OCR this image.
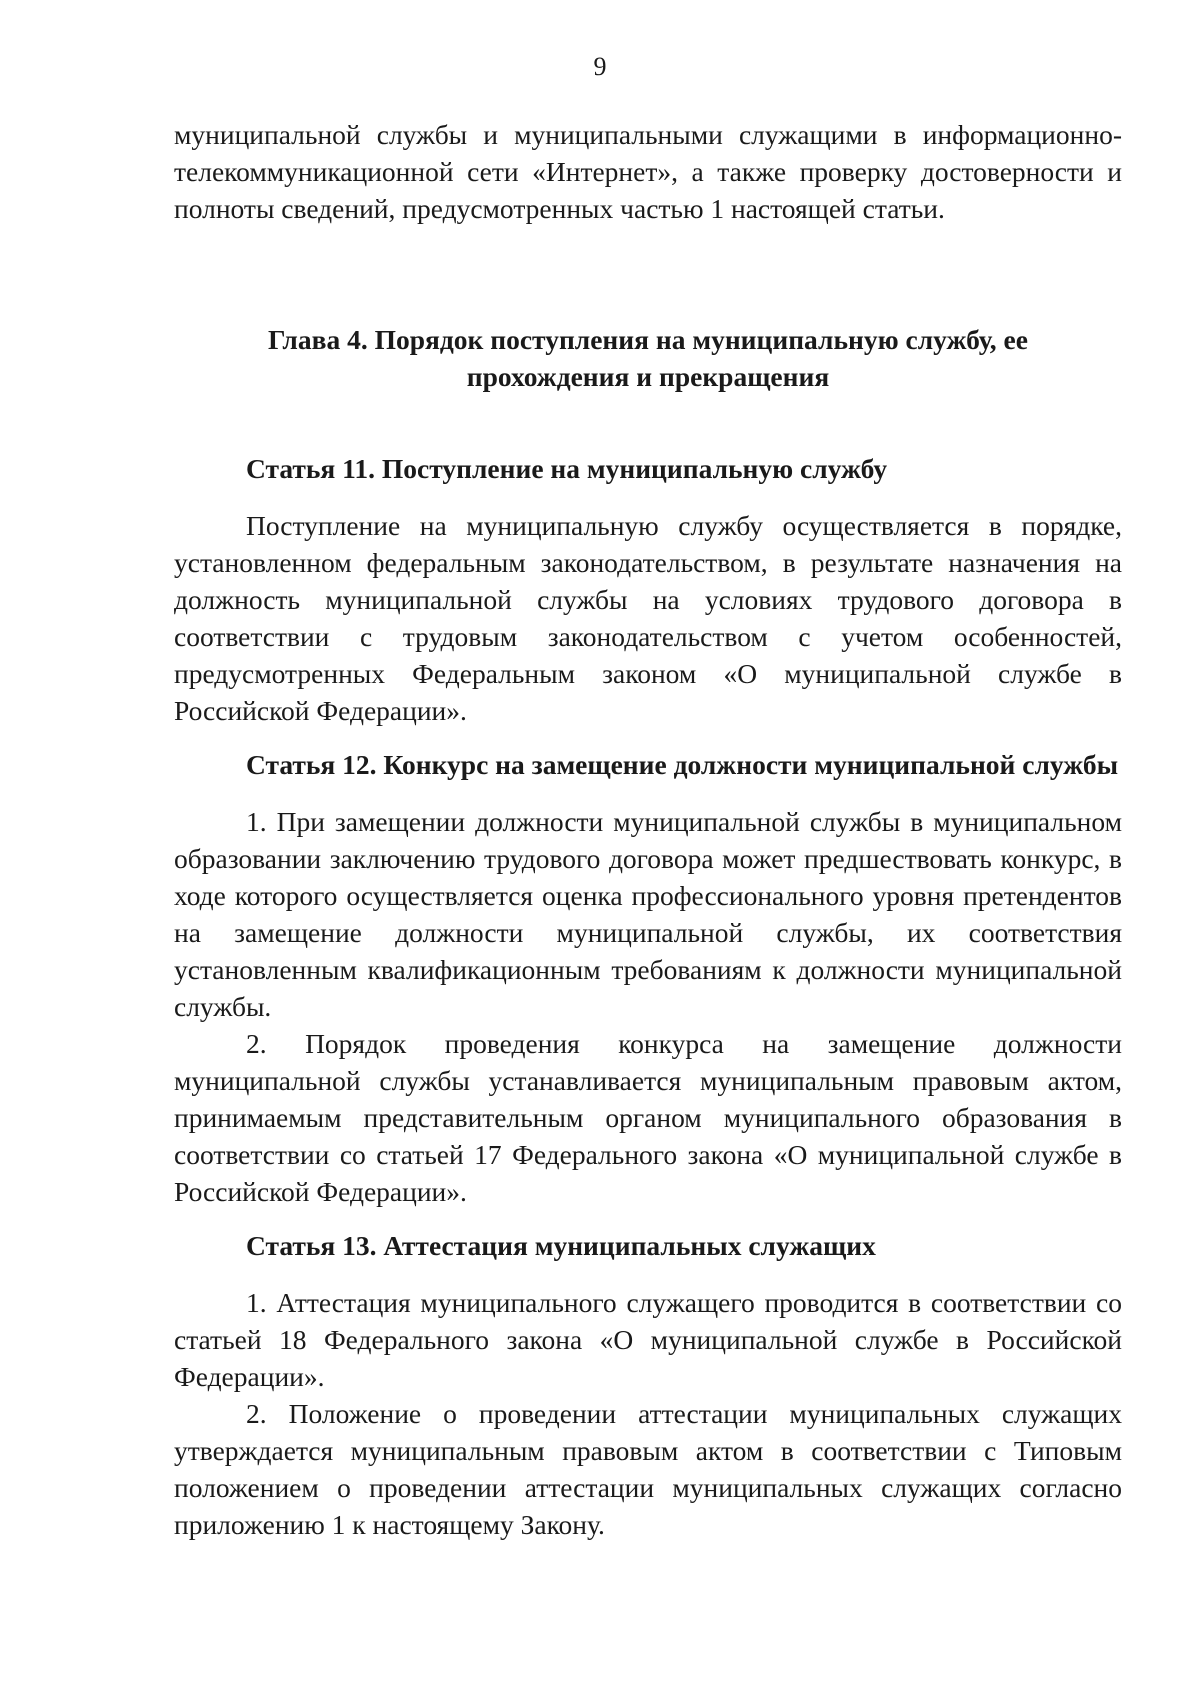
9

муниципальной службы и муниципальными служащими в информационно-телекоммуникационной сети «Интернет», а также проверку достоверности и полноты сведений, предусмотренных частью 1 настоящей статьи.

Глава 4. Порядок поступления на муниципальную службу, ее прохождения и прекращения

Статья 11. Поступление на муниципальную службу

Поступление на муниципальную службу осуществляется в порядке, установленном федеральным законодательством, в результате назначения на должность муниципальной службы на условиях трудового договора в соответствии с трудовым законодательством с учетом особенностей, предусмотренных Федеральным законом «О муниципальной службе в Российской Федерации».

Статья 12. Конкурс на замещение должности муниципальной службы

1. При замещении должности муниципальной службы в муниципальном образовании заключению трудового договора может предшествовать конкурс, в ходе которого осуществляется оценка профессионального уровня претендентов на замещение должности муниципальной службы, их соответствия установленным квалификационным требованиям к должности муниципальной службы.

2. Порядок проведения конкурса на замещение должности муниципальной службы устанавливается муниципальным правовым актом, принимаемым представительным органом муниципального образования в соответствии со статьей 17 Федерального закона «О муниципальной службе в Российской Федерации».

Статья 13. Аттестация муниципальных служащих

1. Аттестация муниципального служащего проводится в соответствии со статьей 18 Федерального закона «О муниципальной службе в Российской Федерации».

2. Положение о проведении аттестации муниципальных служащих утверждается муниципальным правовым актом в соответствии с Типовым положением о проведении аттестации муниципальных служащих согласно приложению 1 к настоящему Закону.
